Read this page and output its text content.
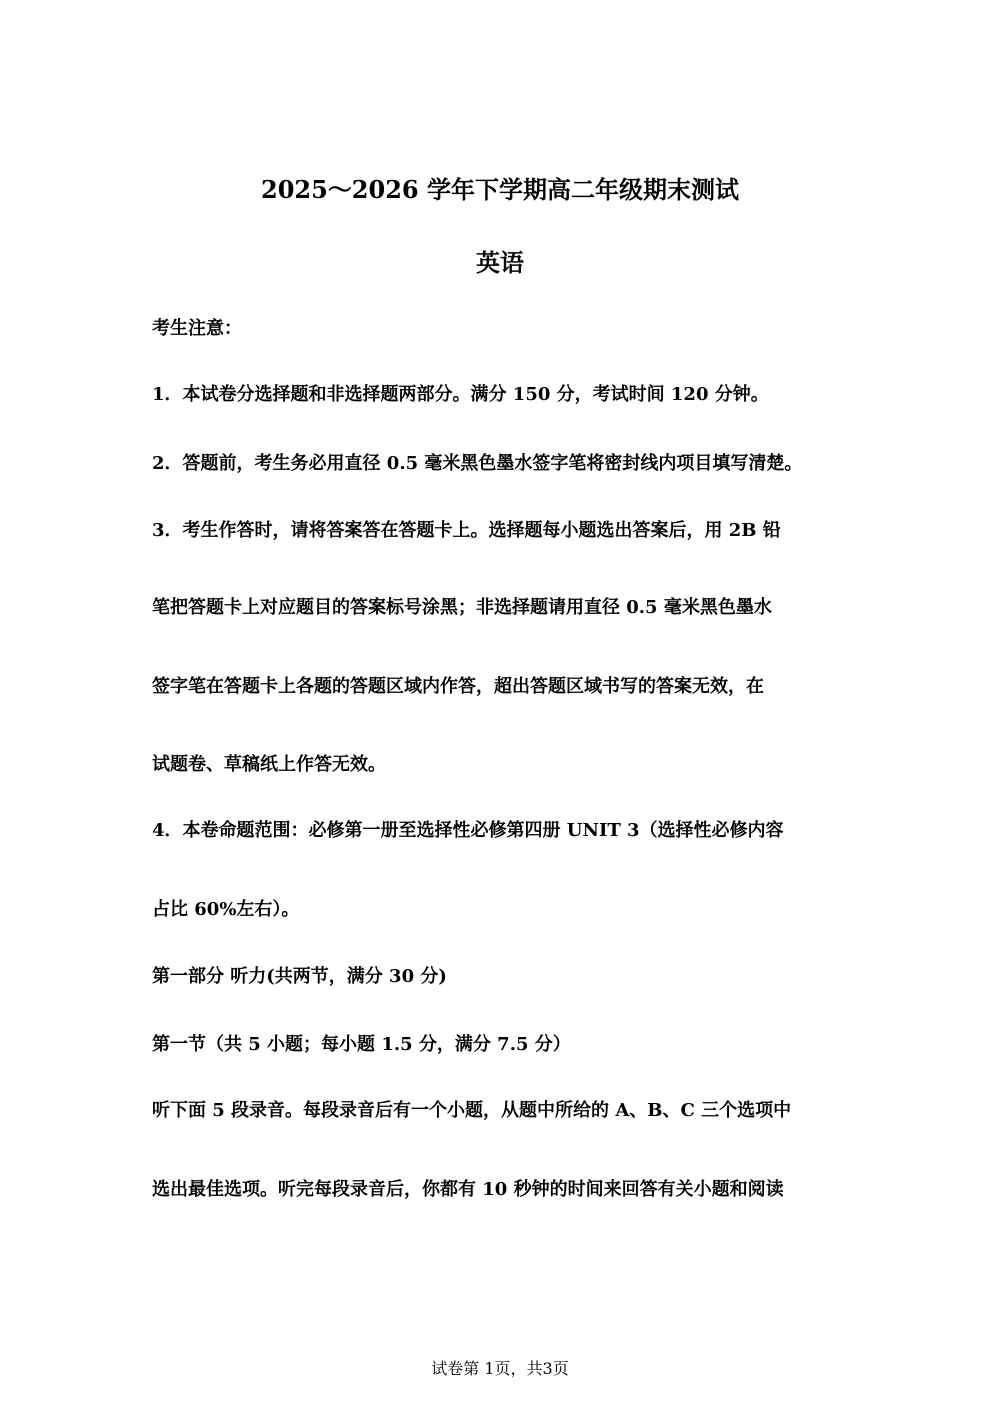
2025～2026 学年下学期高二年级期末测试
英语
考生注意：
1．本试卷分选择题和非选择题两部分。满分 150 分，考试时间 120 分钟。
2．答题前，考生务必用直径 0.5 毫米黑色墨水签字笔将密封线内项目填写清楚。
3．考生作答时，请将答案答在答题卡上。选择题每小题选出答案后，用 2B 铅
笔把答题卡上对应题目的答案标号涂黑；非选择题请用直径 0.5 毫米黑色墨水
签字笔在答题卡上各题的答题区域内作答，超出答题区域书写的答案无效，在
试题卷、草稿纸上作答无效。
4．本卷命题范围：必修第一册至选择性必修第四册 UNIT 3（选择性必修内容
占比 60%左右）。
第一部分 听力(共两节，满分 30 分)
第一节（共 5 小题；每小题 1.5 分，满分 7.5 分）
听下面 5 段录音。每段录音后有一个小题，从题中所给的 A、B、C 三个选项中
选出最佳选项。听完每段录音后，你都有 10 秒钟的时间来回答有关小题和阅读
试卷第 1页，共3页
